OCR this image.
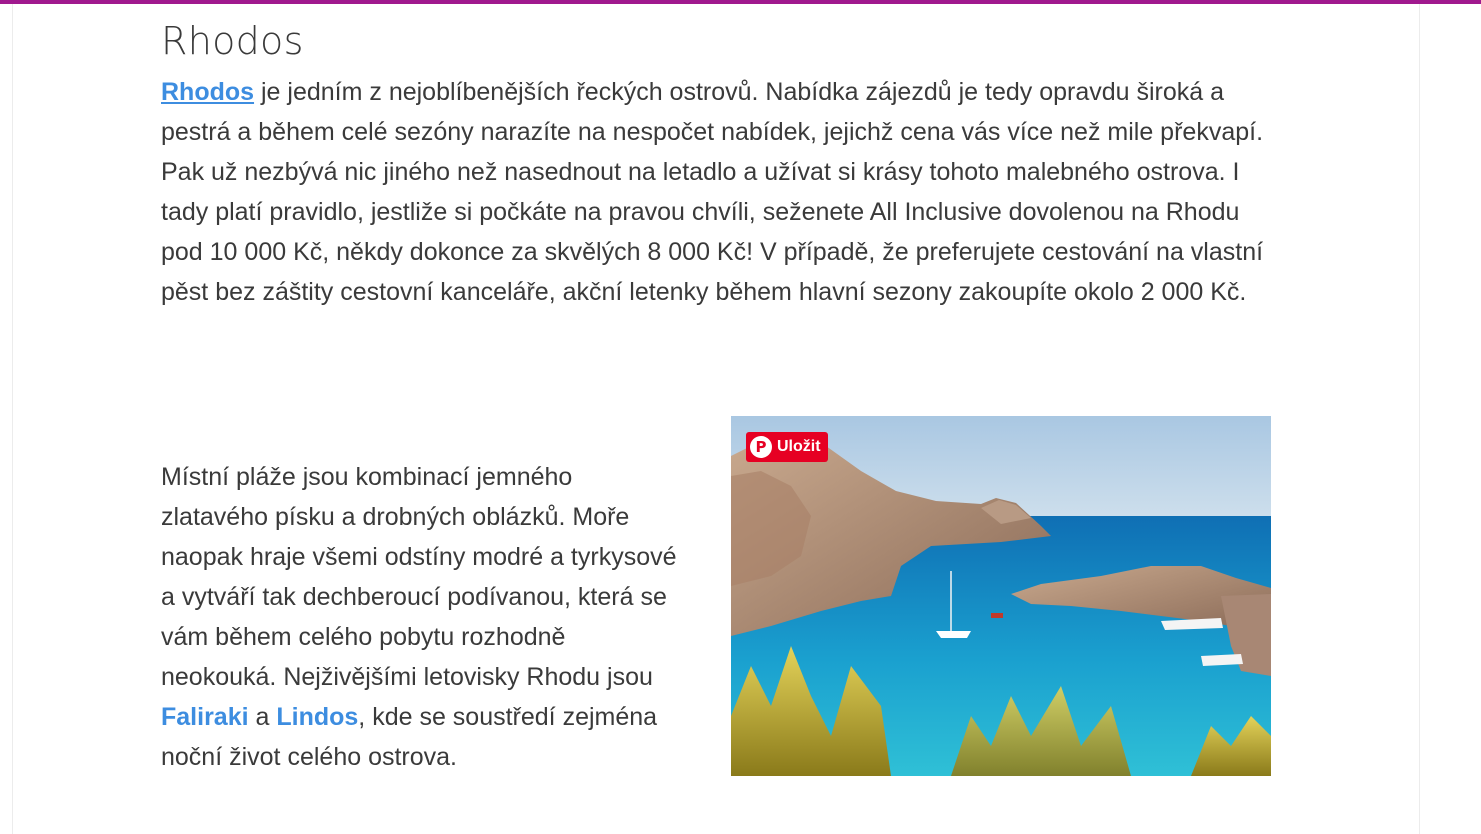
Rhodos

Rhodos je jedním z nejoblíbenějších řeckých ostrovů. Nabídka zájezdů je tedy opravdu široká a pestrá a během celé sezóny narazíte na nespočet nabídek, jejichž cena vás více než mile překvapí. Pak už nezbývá nic jiného než nasednout na letadlo a užívat si krásy tohoto malebného ostrova. I tady platí pravidlo, jestliže si počkáte na pravou chvíli, seženete All Inclusive dovolenou na Rhodu pod 10 000 Kč, někdy dokonce za skvělých 8 000 Kč! V případě, že preferujete cestování na vlastní pěst bez záštity cestovní kanceláře, akční letenky během hlavní sezony zakoupíte okolo 2 000 Kč.

Místní pláže jsou kombinací jemného zlatavého písku a drobných oblázků. Moře naopak hraje všemi odstíny modré a tyrkysové a vytváří tak dechberoucí podívanou, která se vám během celého pobytu rozhodně neokouká. Nejživějšími letovisky Rhodu jsou Faliraki a Lindos, kde se soustředí zejména noční život celého ostrova.

P Uložit
